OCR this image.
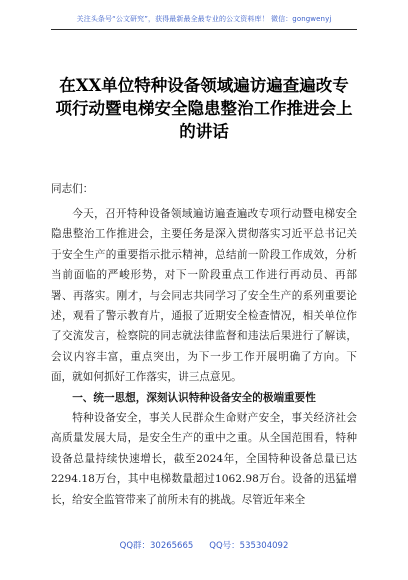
关注头条号“公文研究”，获得最新最全最专业的公文资料库！ 微信：gongwenyj
在XX单位特种设备领域遍访遍查遍改专项行动暨电梯安全隐患整治工作推进会上的讲话
同志们：

今天，召开特种设备领域遍访遍查遍改专项行动暨电梯安全隐患整治工作推进会，主要任务是深入贯彻落实习近平总书记关于安全生产的重要指示批示精神，总结前一阶段工作成效，分析当前面临的严峻形势，对下一阶段重点工作进行再动员、再部署、再落实。刚才，与会同志共同学习了安全生产的系列重要论述，观看了警示教育片，通报了近期安全检查情况，相关单位作了交流发言，检察院的同志就法律监督和违法后果进行了解读，会议内容丰富，重点突出，为下一步工作开展明确了方向。下面，就如何抓好工作落实，讲三点意见。

一、统一思想，深刻认识特种设备安全的极端重要性

特种设备安全，事关人民群众生命财产安全，事关经济社会高质量发展大局，是安全生产的重中之重。从全国范围看，特种设备总量持续快速增长，截至2024年，全国特种设备总量已达2294.18万台，其中电梯数量超过1062.98万台。设备的迅猛增长，给安全监管带来了前所未有的挑战。尽管近年来全

QQ群：30265665 QQ号：535304092
